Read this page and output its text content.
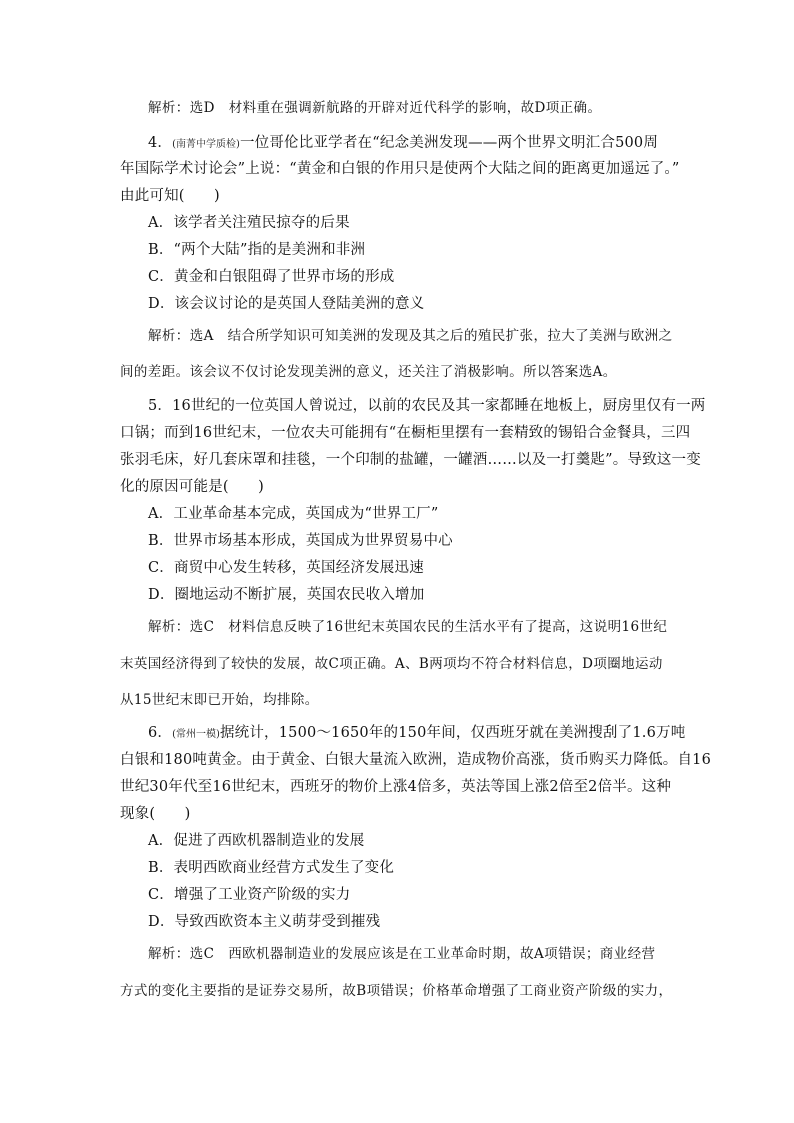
解析：选D　材料重在强调新航路的开辟对近代科学的影响，故D项正确。
4．(南菁中学质检)一位哥伦比亚学者在“纪念美洲发现——两个世界文明汇合500周
年国际学术讨论会”上说：“黄金和白银的作用只是使两个大陆之间的距离更加遥远了。”
由此可知(　　)
A．该学者关注殖民掠夺的后果
B．“两个大陆”指的是美洲和非洲
C．黄金和白银阻碍了世界市场的形成
D．该会议讨论的是英国人登陆美洲的意义
解析：选A　结合所学知识可知美洲的发现及其之后的殖民扩张，拉大了美洲与欧洲之
间的差距。该会议不仅讨论发现美洲的意义，还关注了消极影响。所以答案选A。
5．16世纪的一位英国人曾说过，以前的农民及其一家都睡在地板上，厨房里仅有一两
口锅；而到16世纪末，一位农夫可能拥有“在橱柜里摆有一套精致的锡铅合金餐具，三四
张羽毛床，好几套床罩和挂毯，一个印制的盐罐，一罐酒……以及一打羹匙”。导致这一变
化的原因可能是(　　)
A．工业革命基本完成，英国成为“世界工厂”
B．世界市场基本形成，英国成为世界贸易中心
C．商贸中心发生转移，英国经济发展迅速
D．圈地运动不断扩展，英国农民收入增加
解析：选C　材料信息反映了16世纪末英国农民的生活水平有了提高，这说明16世纪
末英国经济得到了较快的发展，故C项正确。A、B两项均不符合材料信息，D项圈地运动
从15世纪末即已开始，均排除。
6．(常州一模)据统计，1500～1650年的150年间，仅西班牙就在美洲搜刮了1.6万吨
白银和180吨黄金。由于黄金、白银大量流入欧洲，造成物价高涨，货币购买力降低。自16
世纪30年代至16世纪末，西班牙的物价上涨4倍多，英法等国上涨2倍至2倍半。这种
现象(　　)
A．促进了西欧机器制造业的发展
B．表明西欧商业经营方式发生了变化
C．增强了工业资产阶级的实力
D．导致西欧资本主义萌芽受到摧残
解析：选C　西欧机器制造业的发展应该是在工业革命时期，故A项错误；商业经营
方式的变化主要指的是证券交易所，故B项错误；价格革命增强了工商业资产阶级的实力，
